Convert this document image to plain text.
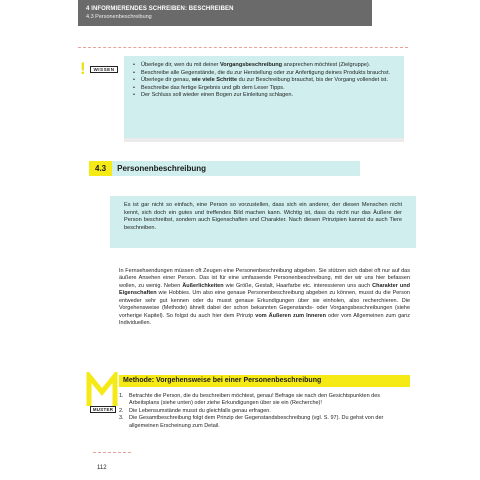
4 INFORMIERENDES SCHREIBEN: BESCHREIBEN
4.3 Personenbeschreibung
!	WISSEN
• Überlege dir, wen du mit deiner Vorgangsbeschreibung ansprechen möchtest (Zielgruppe).
• Beschreibe alle Gegenstände, die du zur Herstellung oder zur Anfertigung deines Produkts brauchst.
• Überlege dir genau, wie viele Schritte du zur Beschreibung brauchst, bis der Vorgang vollendet ist.
• Beschreibe das fertige Ergebnis und gib dem Leser Tipps.
• Der Schluss soll wieder einen Bogen zur Einleitung schlagen.
4.3	Personenbeschreibung

Es ist gar nicht so einfach, eine Person so vorzustellen, dass sich ein anderer, der diesen Menschen nicht kennt, sich doch ein gutes und treffendes Bild machen kann. Wichtig ist, dass du nicht nur das Äußere der Person beschreibst, sondern auch Eigenschaften und Charakter. Nach diesen Prinzipien kannst du auch Tiere beschreiben.

In Fernsehsendungen müssen oft Zeugen eine Personenbeschreibung abgeben. Sie stützen sich dabei oft nur auf das äußere Ansehen einer Person. Das ist für eine umfassende Personenbeschreibung, mit der wir uns hier befassen wollen, zu wenig. Neben Äußerlichkeiten wie Größe, Gestalt, Haarfarbe etc. interessieren uns auch Charakter und Eigenschaften wie Hobbies. Um also eine genaue Personenbeschreibung abgeben zu können, musst du die Person entweder sehr gut kennen oder du musst genaue Erkundigungen über sie einholen, also recherchieren. Die Vorgehensweise (Methode) ähnelt dabei der schon bekannten Gegenstands- oder Vorgangsbeschreibungen (siehe vorherige Kapitel). So folgst du auch hier dem Prinzip vom Äußeren zum Inneren oder vom Allgemeinen zum ganz Individuellen.
MUSTER
Methode: Vorgehensweise bei einer Personenbeschreibung
1. Betrachte die Person, die du beschreiben möchtest, genau! Befrage sie nach den Gesichtspunkten des Arbeitsplans (siehe unten) oder ziehe Erkundigungen über sie ein (Recherche)!
2. Die Lebensumstände musst du gleichfalls genau erfragen.
3. Die Gesamtbeschreibung folgt dem Prinzip der Gegenstandsbeschreibung (vgl. S. 97). Du gehst von der allgemeinen Erscheinung zum Detail.
112
